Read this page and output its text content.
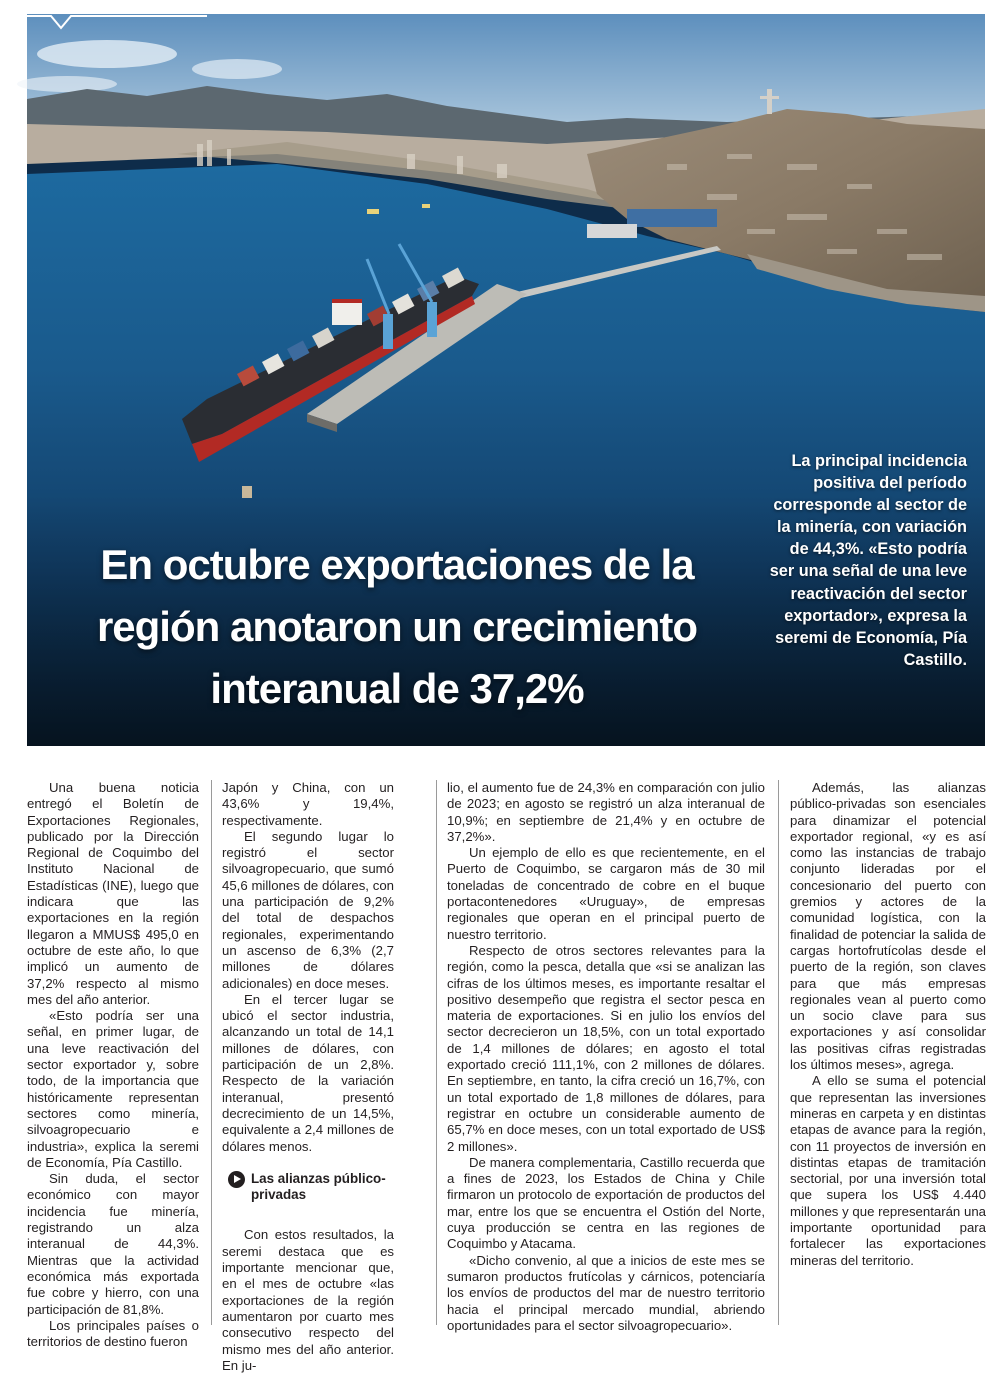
En octubre exportaciones de la región anotaron un crecimiento interanual de 37,2%

La principal incidencia positiva del período corresponde al sector de la minería, con variación de 44,3%. «Esto podría ser una señal de una leve reactivación del sector exportador», expresa la seremi de Economía, Pía Castillo.

Una buena noticia entregó el Boletín de Exportaciones Regionales, publicado por la Dirección Regional de Coquimbo del Instituto Nacional de Estadísticas (INE), luego que indicara que las exportaciones en la región llegaron a MMUS$ 495,0 en octubre de este año, lo que implicó un aumento de 37,2% respecto al mismo mes del año anterior.

«Esto podría ser una señal, en primer lugar, de una leve reactivación del sector exportador y, sobre todo, de la importancia que históricamente representan sectores como minería, silvoagropecuario e industria», explica la seremi de Economía, Pía Castillo.

Sin duda, el sector económico con mayor incidencia fue minería, registrando un alza interanual de 44,3%. Mientras que la actividad económica más exportada fue cobre y hierro, con una participación de 81,8%.

Los principales países o territorios de destino fueron

Japón y China, con un 43,6% y 19,4%, respectivamente.

El segundo lugar lo registró el sector silvoagropecuario, que sumó 45,6 millones de dólares, con una participación de 9,2% del total de despachos regionales, experimentando un ascenso de 6,3% (2,7 millones de dólares adicionales) en doce meses.

En el tercer lugar se ubicó el sector industria, alcanzando un total de 14,1 millones de dólares, con participación de un 2,8%. Respecto de la variación interanual, presentó decrecimiento de un 14,5%, equivalente a 2,4 millones de dólares menos.

Las alianzas público-privadas

Con estos resultados, la seremi destaca que es importante mencionar que, en el mes de octubre «las exportaciones de la región aumentaron por cuarto mes consecutivo respecto del mismo mes del año anterior. En ju-

lio, el aumento fue de 24,3% en comparación con julio de 2023; en agosto se registró un alza interanual de 10,9%; en septiembre de 21,4% y en octubre de 37,2%».

Un ejemplo de ello es que recientemente, en el Puerto de Coquimbo, se cargaron más de 30 mil toneladas de concentrado de cobre en el buque portacontenedores «Uruguay», de empresas regionales que operan en el principal puerto de nuestro territorio.

Respecto de otros sectores relevantes para la región, como la pesca, detalla que «si se analizan las cifras de los últimos meses, es importante resaltar el positivo desempeño que registra el sector pesca en materia de exportaciones. Si en julio los envíos del sector decrecieron un 18,5%, con un total exportado de 1,4 millones de dólares; en agosto el total exportado creció 111,1%, con 2 millones de dólares. En septiembre, en tanto, la cifra creció un 16,7%, con un total exportado de 1,8 millones de dólares, para registrar en octubre un considerable aumento de 65,7% en doce meses, con un total exportado de US$ 2 millones».

De manera complementaria, Castillo recuerda que a fines de 2023, los Estados de China y Chile firmaron un protocolo de exportación de productos del mar, entre los que se encuentra el Ostión del Norte, cuya producción se centra en las regiones de Coquimbo y Atacama.

«Dicho convenio, al que a inicios de este mes se sumaron productos frutícolas y cárnicos, potenciaría los envíos de productos del mar de nuestro territorio hacia el principal mercado mundial, abriendo oportunidades para el sector silvoagropecuario».

Además, las alianzas público-privadas son esenciales para dinamizar el potencial exportador regional, «y es así como las instancias de trabajo conjunto lideradas por el concesionario del puerto con gremios y actores de la comunidad logística, con la finalidad de potenciar la salida de cargas hortofrutícolas desde el puerto de la región, son claves para que más empresas regionales vean al puerto como un socio clave para sus exportaciones y así consolidar las positivas cifras registradas los últimos meses», agrega.

A ello se suma el potencial que representan las inversiones mineras en carpeta y en distintas etapas de avance para la región, con 11 proyectos de inversión en distintas etapas de tramitación sectorial, por una inversión total que supera los US$ 4.440 millones y que representarán una importante oportunidad para fortalecer las exportaciones mineras del territorio.
